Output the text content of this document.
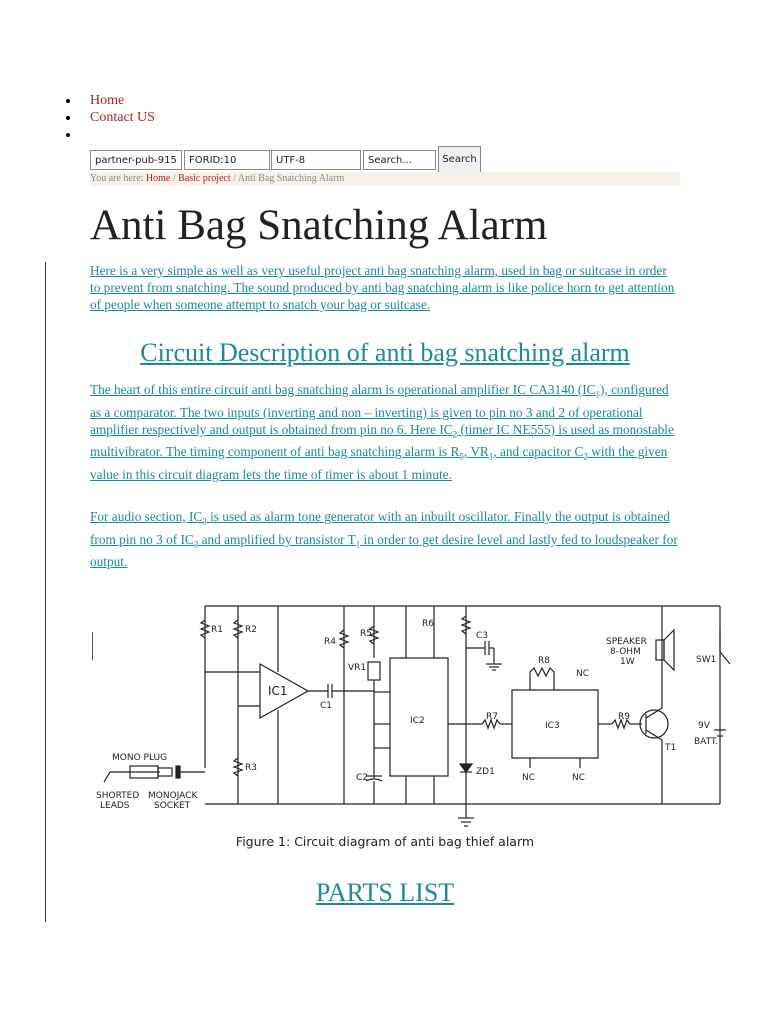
Home
Contact US
partner-pub-9151
FORID:10
UTF-8
Search...
Search
You are here: Home / Basic project / Anti Bag Snatching Alarm
Anti Bag Snatching Alarm

Here is a very simple as well as very useful project anti bag snatching alarm, used in bag or suitcase in order to prevent from snatching. The sound produced by anti bag snatching alarm is like police horn to get attention of people when someone attempt to snatch your bag or suitcase.

Circuit Description of anti bag snatching alarm

The heart of this entire circuit anti bag snatching alarm is operational amplifier IC CA3140 $(IC_1)$, configured as a comparator. The two inputs (inverting and non – inverting) is given to pin no 3 and 2 of operational amplifier respectively and output is obtained from pin no 6. Here $IC_2$ (timer IC NE555) is used as monostable multivibrator. The timing component of anti bag snatching alarm is $R_5$, $VR_1$, and capacitor $C_2$ with the given value in this circuit diagram lets the time of timer is about 1 minute.

For audio section, $IC_3$ is used as alarm tone generator with an inbuilt oscillator. Finally the output is obtained from pin no 3 of $IC_3$ and amplified by transistor $T_1$ in order to get desire level and lastly fed to loudspeaker for output.

R1 R2
R3
R4
R5
R6
R7
R8
R9
IC1
IC2	IC3
VR1
C1
C2
C3
ZD1
MONO PLUG
SHORTED
LEADS
MONOJACK
SOCKET
SPEAKER
8-OHM
1W	SW1
9V
BATT.
T1
NC
NC	NC
Figure 1: Circuit diagram of anti bag thief alarm
PARTS LIST
